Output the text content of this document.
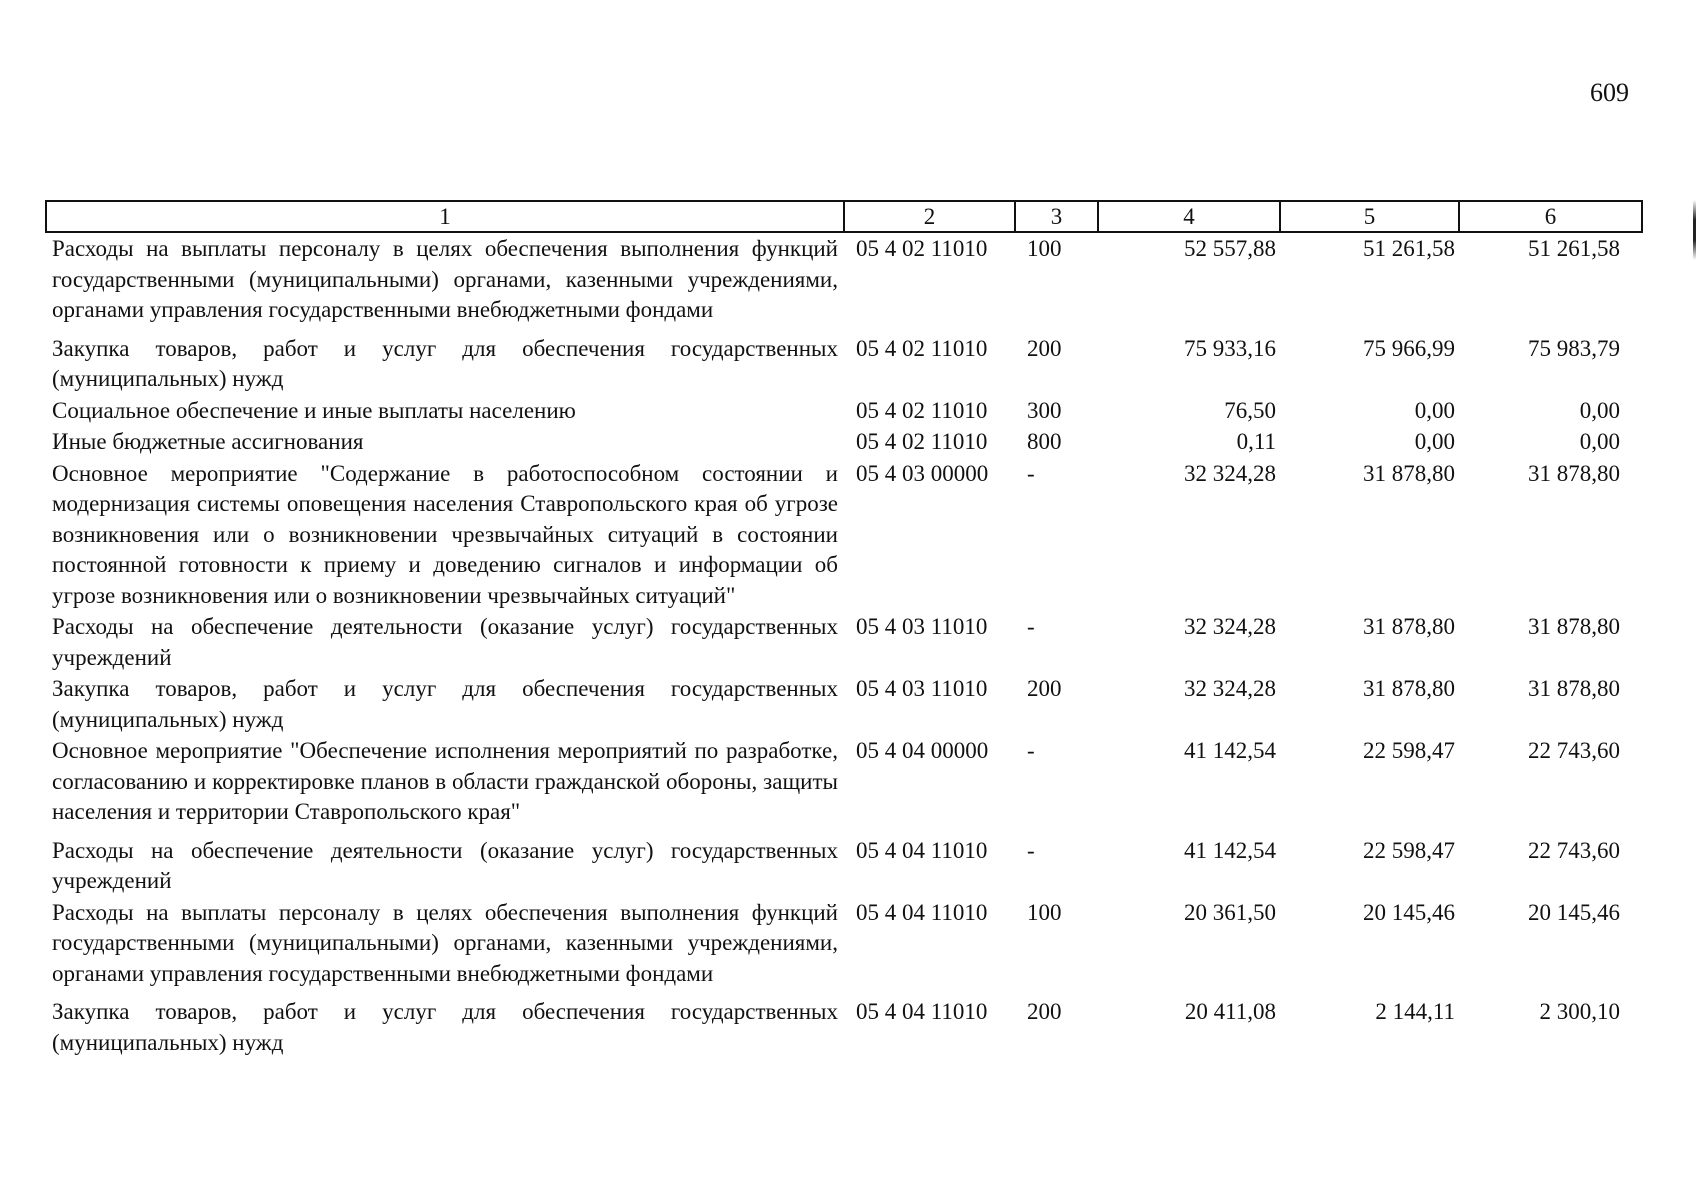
609
1	2	3	4	5	6
Расходы на выплаты персоналу в целях обеспечения выполнения функций государственными (муниципальными) органами, казенными учреждениями, органами управления государственными внебюджетными фондами	05 4 02 11010	100	52 557,88	51 261,58	51 261,58
Закупка товаров, работ и услуг для обеспечения государственных (муниципальных) нужд	05 4 02 11010	200	75 933,16	75 966,99	75 983,79
Социальное обеспечение и иные выплаты населению	05 4 02 11010	300	76,50	0,00	0,00
Иные бюджетные ассигнования	05 4 02 11010	800	0,11	0,00	0,00
Основное мероприятие "Содержание в работоспособном состоянии и модернизация системы оповещения населения Ставропольского края об угрозе возникновения или о возникновении чрезвычайных ситуаций в состоянии постоянной готовности к приему и доведению сигналов и информации об угрозе возникновения или о возникновении чрезвычайных ситуаций"	05 4 03 00000	-	32 324,28	31 878,80	31 878,80
Расходы на обеспечение деятельности (оказание услуг) государственных учреждений	05 4 03 11010	-	32 324,28	31 878,80	31 878,80
Закупка товаров, работ и услуг для обеспечения государственных (муниципальных) нужд	05 4 03 11010	200	32 324,28	31 878,80	31 878,80
Основное мероприятие "Обеспечение исполнения мероприятий по разработке, согласованию и корректировке планов в области гражданской обороны, защиты населения и территории Ставропольского края"	05 4 04 00000	-	41 142,54	22 598,47	22 743,60
Расходы на обеспечение деятельности (оказание услуг) государственных учреждений	05 4 04 11010	-	41 142,54	22 598,47	22 743,60
Расходы на выплаты персоналу в целях обеспечения выполнения функций государственными (муниципальными) органами, казенными учреждениями, органами управления государственными внебюджетными фондами	05 4 04 11010	100	20 361,50	20 145,46	20 145,46
Закупка товаров, работ и услуг для обеспечения государственных (муниципальных) нужд	05 4 04 11010	200	20 411,08	2 144,11	2 300,10
